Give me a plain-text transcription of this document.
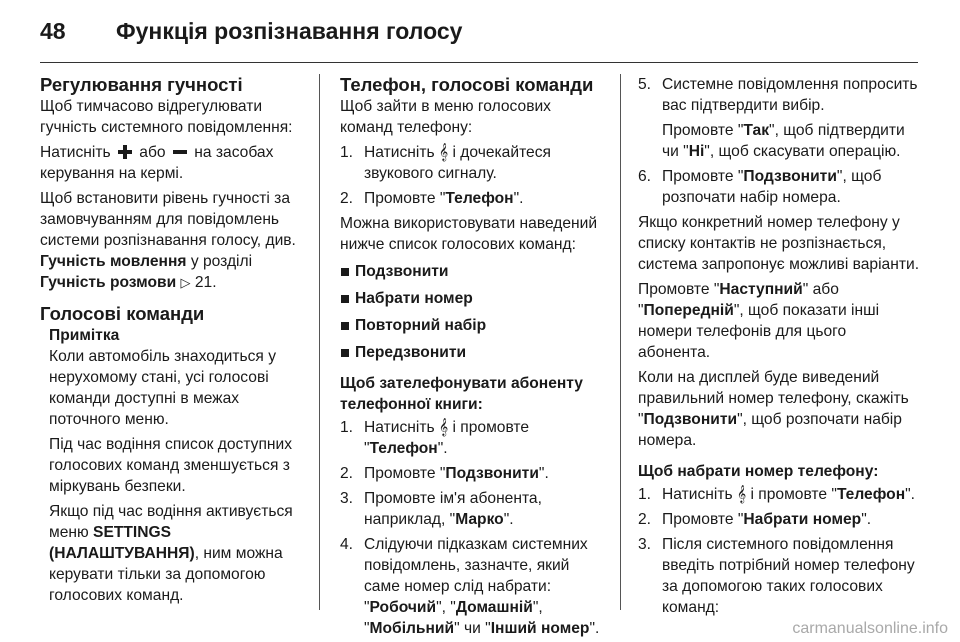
48 Функція розпізнавання голосу
Регулювання гучності

Щоб тимчасово відрегулювати гучність системного повідомлення:

Натисніть або на засобах керування на кермі.

Щоб встановити рівень гучності за замовчуванням для повідомлень системи розпізнавання голосу, див. Гучність мовлення у розділі Гучність розмови ▷ 21.

Голосові команди
Примітка

Коли автомобіль знаходиться у нерухомому стані, усі голосові команди доступні в межах поточного меню.

Під час водіння список доступних голосових команд зменшується з міркувань безпеки.

Якщо під час водіння активується меню SETTINGS (НАЛАШТУВАННЯ), ним можна керувати тільки за допомогою голосових команд.

Телефон, голосові команди

Щоб зайти в меню голосових команд телефону:

1. Натисніть 𝄞 і дочекайтеся звукового сигналу.
2. Промовте "Телефон".

Можна використовувати наведений нижче список голосових команд:

Подзвонити
Набрати номер
Повторний набір
Передзвонити
Щоб зателефонувати абоненту телефонної книги:
1. Натисніть 𝄞 і промовте "Телефон".
2. Промовте "Подзвонити".
3. Промовте ім'я абонента, наприклад, "Марко".
4. Слідуючи підказкам системних повідомлень, зазначте, який саме номер слід набрати: "Робочий", "Домашній", "Мобільний" чи "Інший номер".
5. Системне повідомлення попросить вас підтвердити вибір.

Промовте "Так", щоб підтвердити чи "Ні", щоб скасувати операцію.

6. Промовте "Подзвонити", щоб розпочати набір номера.

Якщо конкретний номер телефону у списку контактів не розпізнається, система запропонує можливі варіанти.

Промовте "Наступний" або "Попередній", щоб показати інші номери телефонів для цього абонента.

Коли на дисплей буде виведений правильний номер телефону, скажіть "Подзвонити", щоб розпочати набір номера.

Щоб набрати номер телефону:
1. Натисніть 𝄞 і промовте "Телефон".
2. Промовте "Набрати номер".
3. Після системного повідомлення введіть потрібний номер телефону за допомогою таких голосових команд:
carmanualsonline.info
